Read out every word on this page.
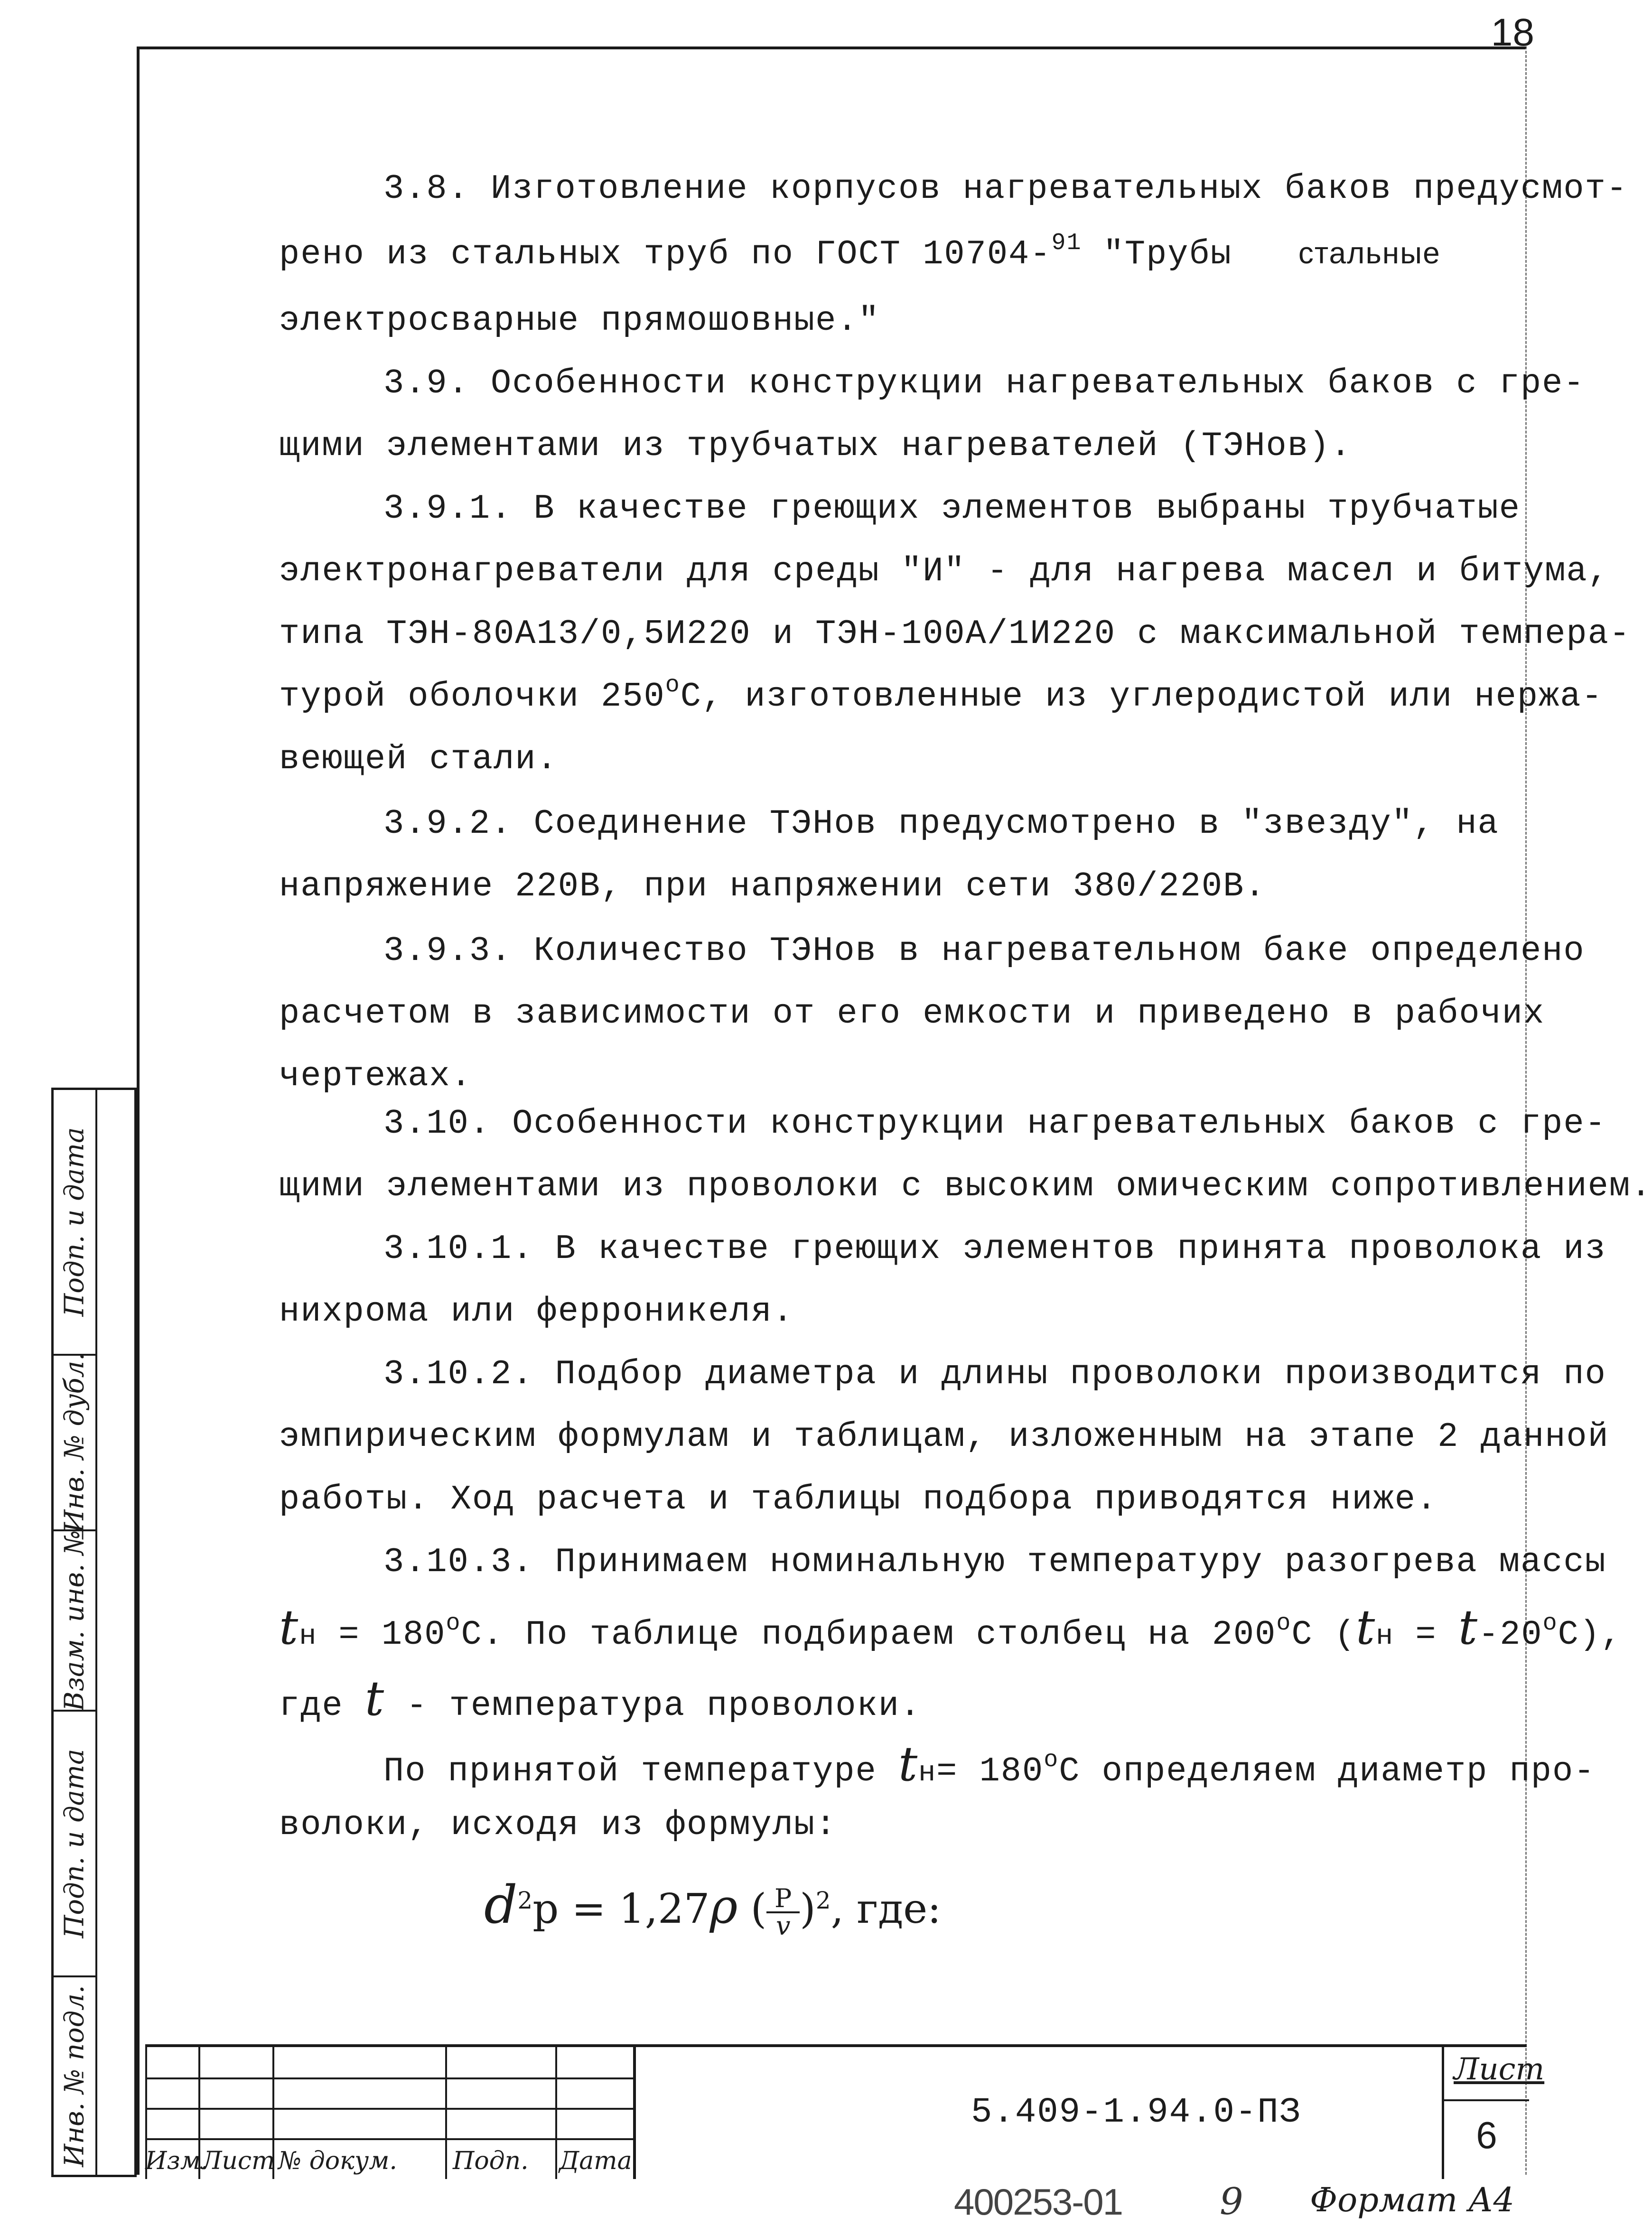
18
3.8. Изготовление корпусов нагревательных баков предусмот-
рено из стальных труб по ГОСТ 10704-$^{91}$ "Трубы стальные
электросварные прямошовные."
3.9. Особенности конструкции нагревательных баков с гре-
щими элементами из трубчатых нагревателей (ТЭНов).
3.9.1. В качестве греющих элементов выбраны трубчатые
электронагреватели для среды "И" - для нагрева масел и битума,
типа ТЭН-80А13/0,5И220 и ТЭН-100А/1И220 с максимальной темпера-
турой оболочки 250$^o$С, изготовленные из углеродистой или нержа-
веющей стали.
3.9.2. Соединение ТЭНов предусмотрено в "звезду", на
напряжение 220В, при напряжении сети 380/220В.
3.9.3. Количество ТЭНов в нагревательном баке определено
расчетом в зависимости от его емкости и приведено в рабочих
чертежах.
3.10. Особенности конструкции нагревательных баков с гре-
щими элементами из проволоки с высоким омическим сопротивлением.
3.10.1. В качестве греющих элементов принята проволока из
нихрома или ферроникеля.
3.10.2. Подбор диаметра и длины проволоки производится по
эмпирическим формулам и таблицам, изложенным на этапе 2 данной
работы. Ход расчета и таблицы подбора приводятся ниже.
3.10.3. Принимаем номинальную температуру разогрева массы
tн = $180^oС$. По таблице подбираем столбец на 200$^o$С $(tн = t-20^oС)$,
где t - температура проволоки.
По принятой температуре $tн= 180^oС$ определяем диаметр про-
волоки, исходя из формулы:
$d^2р = 1,27\rho$ ( $\frac{P}{v} )^2$, где:
Подп. и дата
Инв. № дубл.
Взам. инв. №
Подп. и дата
Инв. № подл. Изм.
Лист № докум. Подп. Дата
5.409-1.94.0-ПЗ
Лист
6
400253-01	9 Формат А4
